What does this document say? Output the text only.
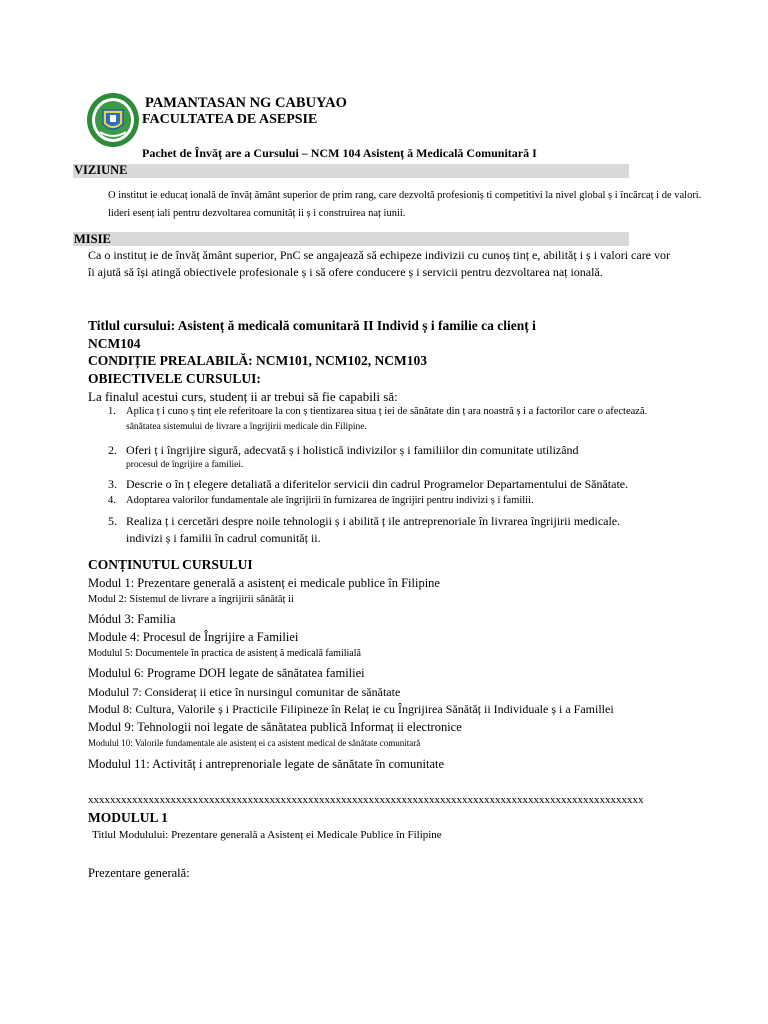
PAMANTASAN NG CABUYAO
FACULTATEA DE ASEPSIE
Pachet de Învăț are a Cursului – NCM 104 Asistenț ă Medicală Comunitară I
VIZIUNE
O institut ie educaț ională de învăț ământ superior de prim rang, care dezvoltă profesioniș ti competitivi la nivel global ș i încărcaț i de valori.
lideri esenț iali pentru dezvoltarea comunităț ii ș i construirea naț iunii.
MISIE
Ca o instituț ie de învăț ământ superior, PnC se angajează să echipeze indivizii cu cunoș tinț e, abilităț i ș i valori care vor
îi ajută să își atingă obiectivele profesionale ș i să ofere conducere ș i servicii pentru dezvoltarea naț ională.
Titlul cursului: Asistenț ă medicală comunitară II Individ ș i familie ca clienț i
NCM104
CONDIȚIE PREALABILĂ: NCM101, NCM102, NCM103
OBIECTIVELE CURSULUI:
La finalul acestui curs, studenț ii ar trebui să fie capabili să:
1. Aplica ț i cuno ș tinț ele referitoare la con ș tientizarea situa ț iei de sănătate din ț ara noastră ș i a factorilor care o afectează.
sănătatea sistemului de livrare a îngrijirii medicale din Filipine.
2. Oferi ț i îngrijire sigură, adecvată ș i holistică indivizilor ș i familiilor din comunitate utilizând
procesul de îngrijire a familiei.
3. Descrie o în ț elegere detaliată a diferitelor servicii din cadrul Programelor Departamentului de Sănătate.
4. Adoptarea valorilor fundamentale ale îngrijirii în furnizarea de îngrijiri pentru indivizi ș i familii.
5. Realiza ț i cercetări despre noile tehnologii ș i abilită ț ile antreprenoriale în livrarea îngrijirii medicale.
indivizi ș i familii în cadrul comunităț ii.
CONȚINUTUL CURSULUI
Modul 1: Prezentare generală a asistenț ei medicale publice în Filipine
Modul 2: Sistemul de livrare a îngrijirii sănătăț ii
Módul 3: Familia
Module 4: Procesul de Îngrijire a Familiei
Modulul 5: Documentele în practica de asistenț ă medicală familială
Modulul 6: Programe DOH legate de sănătatea familiei
Modulul 7: Consideraț ii etice în nursingul comunitar de sănătate
Modul 8: Cultura, Valorile ș i Practicile Filipineze în Relaț ie cu Îngrijirea Sănătăț ii Individuale ș i a Famillei
Modul 9: Tehnologii noi legate de sănătatea publică Informaț ii electronice
Modulul 10: Valorile fundamentale ale asistenț ei ca asistent medical de sănătate comunitară
Modulul 11: Activităț i antreprenoriale legate de sănătate în comunitate
xxxxxxxxxxxxxxxxxxxxxxxxxxxxxxxxxxxxxxxxxxxxxxxxxxxxxxxxxxxxxxxxxxxxxxxxxxxxxxxxxxxxxxxxxxxxxxxxxxxxx
MODULUL 1
Titlul Modulului: Prezentare generală a Asistenț ei Medicale Publice în Filipine
Prezentare generală:
